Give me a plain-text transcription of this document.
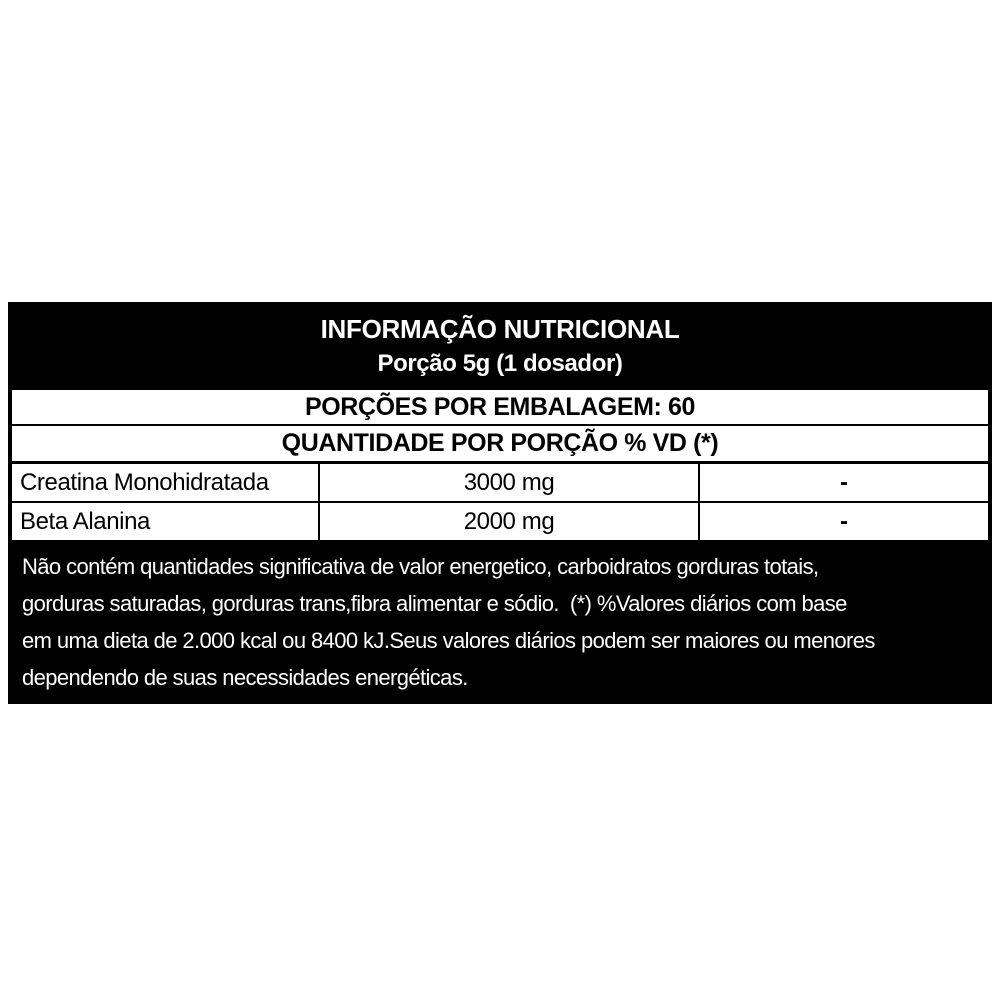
INFORMAÇÃO NUTRICIONAL
Porção 5g (1 dosador)
PORÇÕES POR EMBALAGEM: 60
QUANTIDADE POR PORÇÃO % VD (*)
Creatina Monohidratada	3000 mg	-
Beta Alanina	2000 mg	-
Não contém quantidades significativa de valor energetico, carboidratos gorduras totais,
gorduras saturadas, gorduras trans,fibra alimentar e sódio.  (*) %Valores diários com base
em uma dieta de 2.000 kcal ou 8400 kJ.Seus valores diários podem ser maiores ou menores
dependendo de suas necessidades energéticas.
